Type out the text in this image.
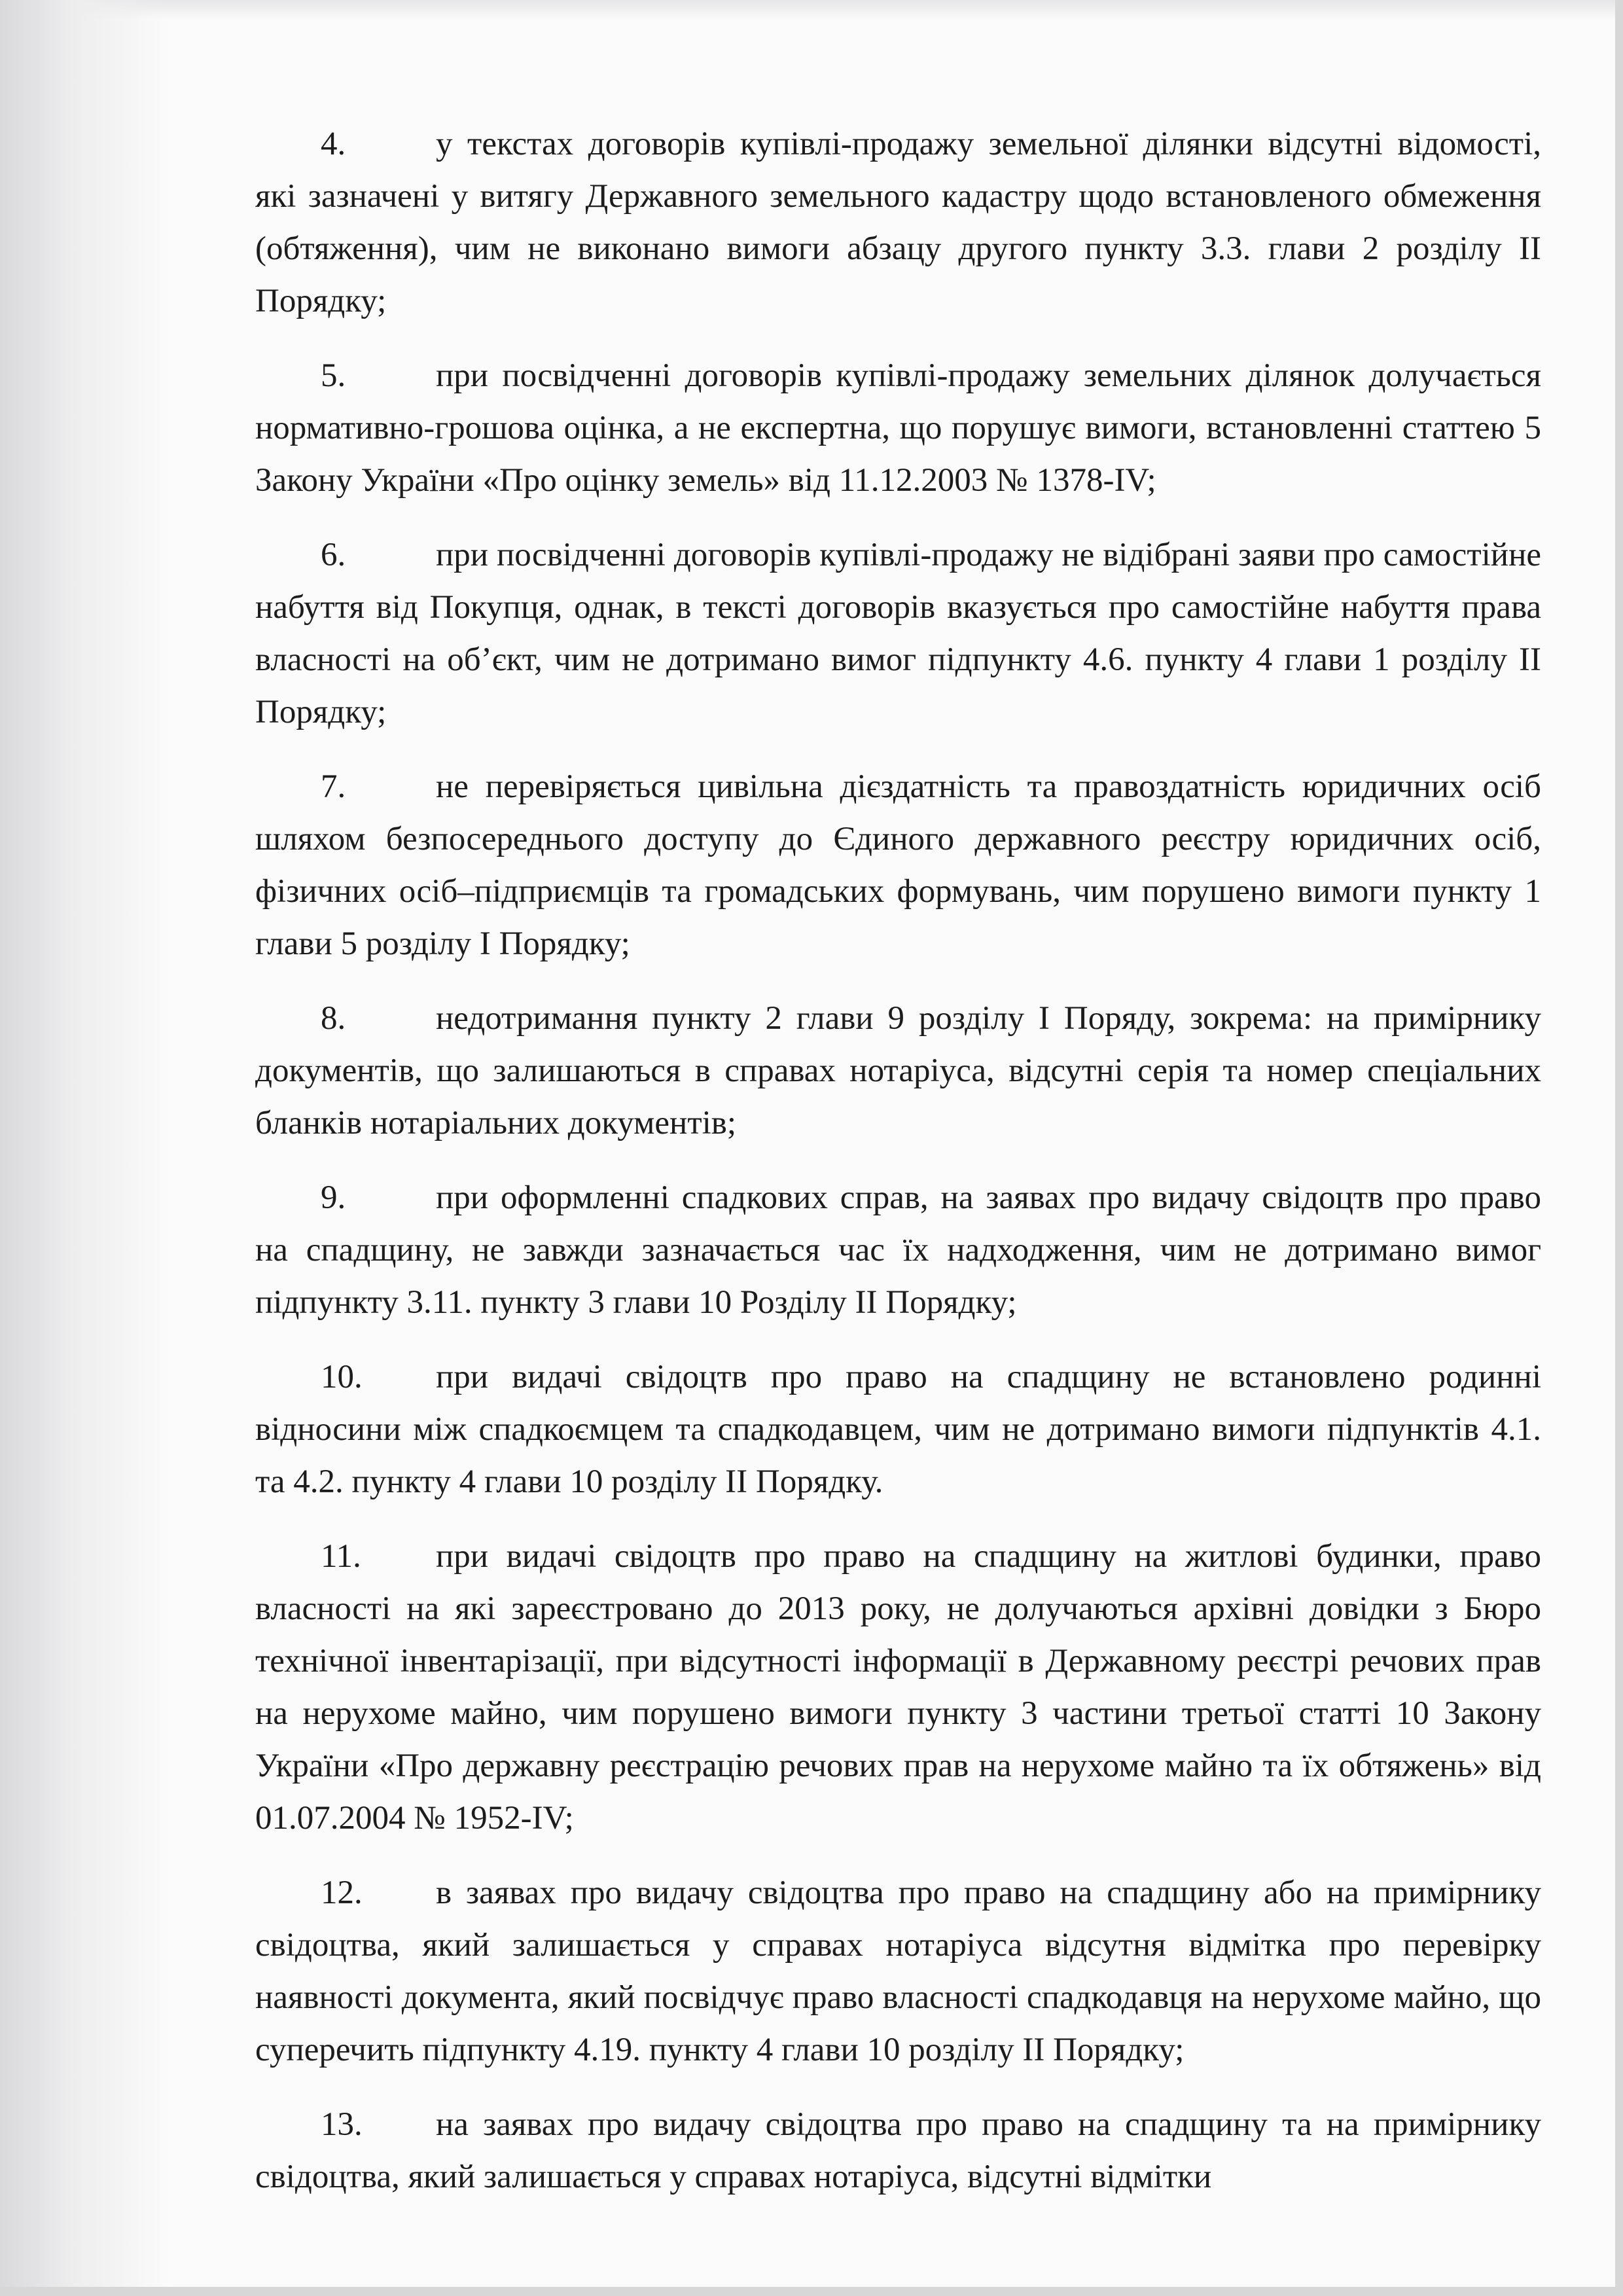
4.	у текстах договорів купівлі-продажу земельної ділянки відсутні відомості, які зазначені у витягу Державного земельного кадастру щодо встановленого обмеження (обтяження), чим не виконано вимоги абзацу другого пункту 3.3. глави 2 розділу ІІ Порядку;

5.	при посвідченні договорів купівлі-продажу земельних ділянок долучається нормативно-грошова оцінка, а не експертна, що порушує вимоги, встановленні статтею 5 Закону України «Про оцінку земель» від 11.12.2003 № 1378-IV;

6.	при посвідченні договорів купівлі-продажу не відібрані заяви про самостійне набуття від Покупця, однак, в тексті договорів вказується про самостійне набуття права власності на об’єкт, чим не дотримано вимог підпункту 4.6. пункту 4 глави 1 розділу ІІ Порядку;

7.	не перевіряється цивільна дієздатність та правоздатність юридичних осіб шляхом безпосереднього доступу до Єдиного державного реєстру юридичних осіб, фізичних осіб–підприємців та громадських формувань, чим порушено вимоги пункту 1 глави 5 розділу І Порядку;

8.	недотримання пункту 2 глави 9 розділу І Поряду, зокрема: на примірнику документів, що залишаються в справах нотаріуса, відсутні серія та номер спеціальних бланків нотаріальних документів;

9.	при оформленні спадкових справ, на заявах про видачу свідоцтв про право на спадщину, не завжди зазначається час їх надходження, чим не дотримано вимог підпункту 3.11. пункту 3 глави 10 Розділу ІІ Порядку;

10. при видачі свідоцтв про право на спадщину не встановлено родинні відносини між спадкоємцем та спадкодавцем, чим не дотримано вимоги підпунктів 4.1. та 4.2. пункту 4 глави 10 розділу ІІ Порядку.

11. при видачі свідоцтв про право на спадщину на житлові будинки, право власності на які зареєстровано до 2013 року, не долучаються архівні довідки з Бюро технічної інвентарізації, при відсутності інформації в Державному реєстрі речових прав на нерухоме майно, чим порушено вимоги пункту 3 частини третьої статті 10 Закону України «Про державну реєстрацію речових прав на нерухоме майно та їх обтяжень» від 01.07.2004 № 1952-IV;

12. в заявах про видачу свідоцтва про право на спадщину або на примірнику свідоцтва, який залишається у справах нотаріуса відсутня відмітка про перевірку наявності документа, який посвідчує право власності спадкодавця на нерухоме майно, що суперечить підпункту 4.19. пункту 4 глави 10 розділу ІІ Порядку;

13. на заявах про видачу свідоцтва про право на спадщину та на примірнику свідоцтва, який залишається у справах нотаріуса, відсутні відмітки
